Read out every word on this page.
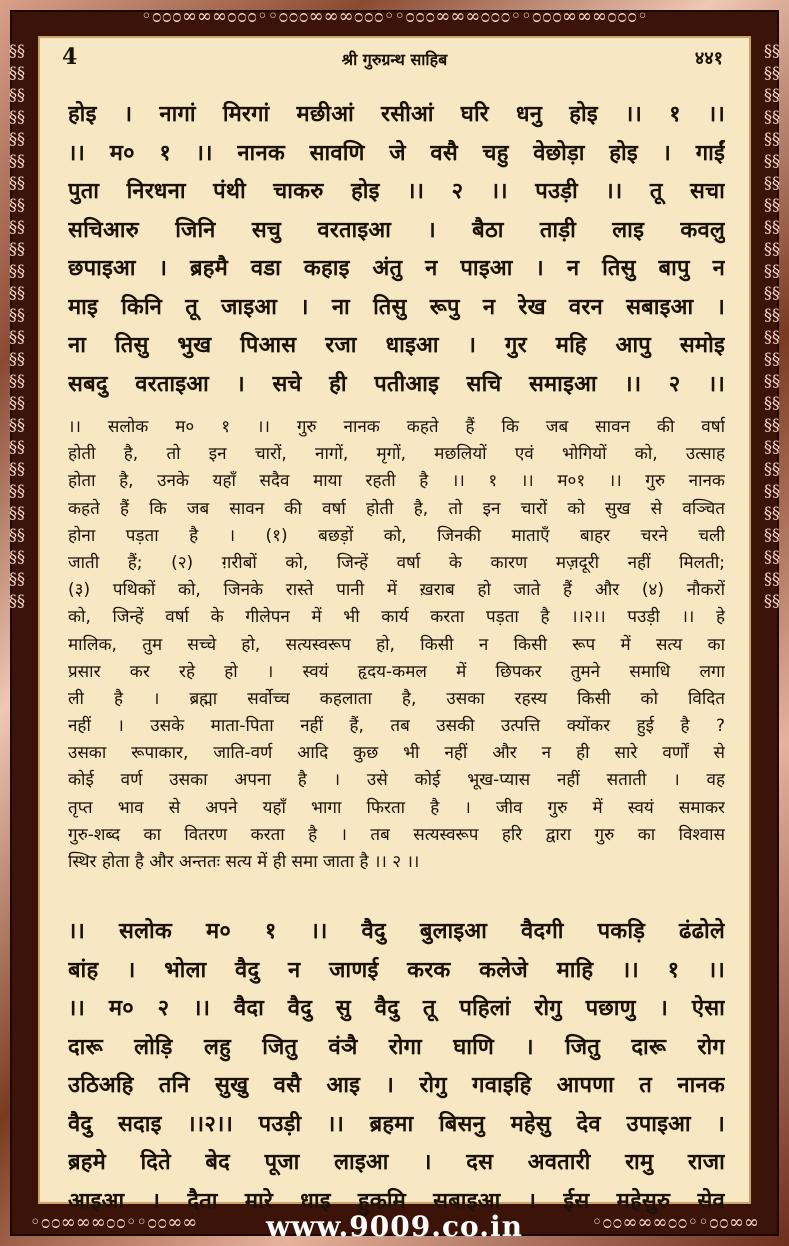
◦೦೦೦∞∞∞೦೦೦◦◦೦೦೦∞∞∞೦೦೦◦◦೦೦೦∞∞∞೦೦೦◦◦೦೦೦∞∞∞೦೦೦◦
◦೦೦∞∞∞೦೦◦◦೦೦∞∞	◦೦೦∞∞∞೦೦◦◦೦೦∞∞
§§§§§§§§§§§§§§§§§§§§§§§§§§§§§§§§§§§§§§§§§§§§§§§§§§§§
§§§§§§§§§§§§§§§§§§§§§§§§§§§§§§§§§§§§§§§§§§§§§§§§§§§§
4	श्री गुरुग्रन्थ साहिब	४४१
होइ । नागां मिरगां मछीआं रसीआं घरि धनु होइ ।। १ ।।
।। म० १ ।। नानक सावणि जे वसै चहु वेछोड़ा होइ । गाईं
पुता निरधना पंथी चाकरु होइ ।। २ ।। पउड़ी ।। तू सचा
सचिआरु जिनि सचु वरताइआ । बैठा ताड़ी लाइ कवलु
छपाइआ । ब्रहमै वडा कहाइ अंतु न पाइआ । न तिसु बापु न
माइ किनि तू जाइआ । ना तिसु रूपु न रेख वरन सबाइआ ।
ना तिसु भुख पिआस रजा धाइआ । गुर महि आपु समोइ
सबदु वरताइआ । सचे ही पतीआइ सचि समाइआ ।। २ ।।
।। सलोक म० १ ।। गुरु नानक कहते हैं कि जब सावन की वर्षा
होती है, तो इन चारों, नागों, मृगों, मछलियों एवं भोगियों को, उत्साह
होता है, उनके यहाँ सदैव माया रहती है ।। १ ।। म०१ ।। गुरु नानक
कहते हैं कि जब सावन की वर्षा होती है, तो इन चारों को सुख से वञ्चित
होना पड़ता है । (१) बछड़ों को, जिनकी माताएँ बाहर चरने चली
जाती हैं; (२) ग़रीबों को, जिन्हें वर्षा के कारण मज़दूरी नहीं मिलती;
(३) पथिकों को, जिनके रास्ते पानी में ख़राब हो जाते हैं और (४) नौकरों
को, जिन्हें वर्षा के गीलेपन में भी कार्य करता पड़ता है ।।२।। पउड़ी ।। हे
मालिक, तुम सच्चे हो, सत्यस्वरूप हो, किसी न किसी रूप में सत्य का
प्रसार कर रहे हो । स्वयं हृदय-कमल में छिपकर तुमने समाधि लगा
ली है । ब्रह्मा सर्वोच्च कहलाता है, उसका रहस्य किसी को विदित
नहीं । उसके माता-पिता नहीं हैं, तब उसकी उत्पत्ति क्योंकर हुई है ?
उसका रूपाकार, जाति-वर्ण आदि कुछ भी नहीं और न ही सारे वर्णों से
कोई वर्ण उसका अपना है । उसे कोई भूख-प्यास नहीं सताती । वह
तृप्त भाव से अपने यहाँ भागा फिरता है । जीव गुरु में स्वयं समाकर
गुरु-शब्द का वितरण करता है । तब सत्यस्वरूप हरि द्वारा गुरु का विश्वास
स्थिर होता है और अन्ततः सत्य में ही समा जाता है ।। २ ।।
।। सलोक म० १ ।। वैदु बुलाइआ वैदगी पकड़ि ढंढोले
बांह । भोला वैदु न जाणई करक कलेजे माहि ।। १ ।।
।। म० २ ।। वैदा वैदु सु वैदु तू पहिलां रोगु पछाणु । ऐसा
दारू लोड़ि लहु जितु वंञै रोगा घाणि । जितु दारू रोग
उठिअहि तनि सुखु वसै आइ । रोगु गवाइहि आपणा त नानक
वैदु सदाइ ।।२।। पउड़ी ।। ब्रहमा बिसनु महेसु देव उपाइआ ।
ब्रहमे दिते बेद पूजा लाइआ । दस अवतारी रामु राजा
आइआ । दैता मारे धाइ हुकमि सबाइआ । ईस महेसुरु सेव
www.9009.co.in
